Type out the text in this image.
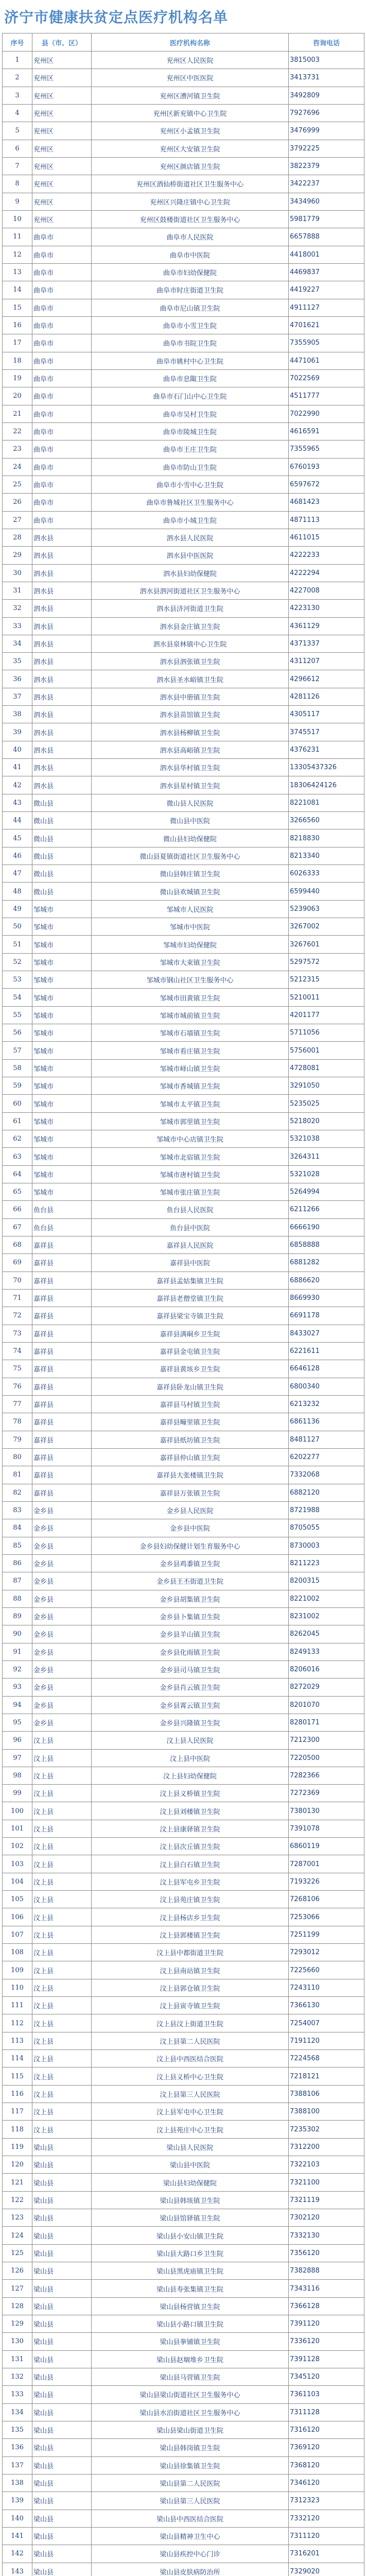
济宁市健康扶贫定点医疗机构名单
序号	县（市、区）	医疗机构名称	咨询电话
1	兖州区	兖州区人民医院	3815003
2	兖州区	兖州区中医医院	3413731
3	兖州区	兖州区漕河镇卫生院	3492809
4	兖州区	兖州区新兖镇中心卫生院	7927696
5	兖州区	兖州区小孟镇卫生院	3476999
6	兖州区	兖州区大安镇卫生院	3792225
7	兖州区	兖州区颜店镇卫生院	3822379
8	兖州区	兖州区酒仙桥街道社区卫生服务中心	3422237
9	兖州区	兖州区兴隆庄镇中心卫生院	3434960
10	兖州区	兖州区鼓楼街道社区卫生服务中心	5981779
11	曲阜市	曲阜市人民医院	6657888
12	曲阜市	曲阜市中医院	4418001
13	曲阜市	曲阜市妇幼保健院	4469837
14	曲阜市	曲阜市时庄街道卫生院	4419227
15	曲阜市	曲阜市尼山镇卫生院	4911127
16	曲阜市	曲阜市小雪卫生院	4701621
17	曲阜市	曲阜市书院卫生院	7355905
18	曲阜市	曲阜市姚村中心卫生院	4471061
19	曲阜市	曲阜市息陬卫生院	7022569
20	曲阜市	曲阜市石门山中心卫生院	4511777
21	曲阜市	曲阜市吴村卫生院	7022990
22	曲阜市	曲阜市陵城卫生院	4616591
23	曲阜市	曲阜市王庄卫生院	7355965
24	曲阜市	曲阜市防山卫生院	6760193
25	曲阜市	曲阜市小雪中心卫生院	6597672
26	曲阜市	曲阜市鲁城社区卫生服务中心	4681423
27	曲阜市	曲阜市小城卫生院	4871113
28	泗水县	泗水县人民医院	4611015
29	泗水县	泗水县中医医院	4222233
30	泗水县	泗水县妇幼保健院	4222294
31	泗水县	泗水县泗河街道社区卫生服务中心	4227008
32	泗水县	泗水县济河街道卫生院	4223130
33	泗水县	泗水县金庄镇卫生院	4361129
34	泗水县	泗水县泉林镇中心卫生院	4371337
35	泗水县	泗水县泗张镇卫生院	4311207
36	泗水县	泗水县圣水峪镇卫生院	4296612
37	泗水县	泗水县中册镇卫生院	4281126
38	泗水县	泗水县苗馆镇卫生院	4305117
39	泗水县	泗水县杨柳镇卫生院	3745517
40	泗水县	泗水县高峪镇卫生院	4376231
41	泗水县	泗水县华村镇卫生院	13305437326
42	泗水县	泗水县星村镇卫生院	18306424126
43	微山县	微山县人民医院	8221081
44	微山县	微山县中医院	3266560
45	微山县	微山县妇幼保健院	8218830
46	微山县	微山县夏镇街道社区卫生服务中心	8213340
47	微山县	微山县韩庄镇卫生院	6026333
48	微山县	微山县欢城镇卫生院	6599440
49	邹城市	邹城市人民医院	5239063
50	邹城市	邹城市中医院	3267002
51	邹城市	邹城市妇幼保健院	3267601
52	邹城市	邹城市大束镇卫生院	5297572
53	邹城市	邹城市钢山社区卫生服务中心	5212315
54	邹城市	邹城市田黄镇卫生院	5210011
55	邹城市	邹城市城前镇卫生院	4201177
56	邹城市	邹城市石墙镇卫生院	5711056
57	邹城市	邹城市看庄镇卫生院	5756001
58	邹城市	邹城市峄山镇卫生院	4728081
59	邹城市	邹城市香城镇卫生院	3291050
60	邹城市	邹城市太平镇卫生院	5235025
61	邹城市	邹城市郭里镇卫生院	5218020
62	邹城市	邹城市中心店镇卫生院	5321038
63	邹城市	邹城市北宿镇卫生院	3264311
64	邹城市	邹城市唐村镇卫生院	5321028
65	邹城市	邹城市张庄镇卫生院	5264994
66	鱼台县	鱼台县人民医院	6211266
67	鱼台县	鱼台县中医院	6666190
68	嘉祥县	嘉祥县人民医院	6858888
69	嘉祥县	嘉祥县中医院	6881282
70	嘉祥县	嘉祥县孟姑集镇卫生院	6886620
71	嘉祥县	嘉祥县老僧堂镇卫生院	8669930
72	嘉祥县	嘉祥县梁宝寺镇卫生院	6691178
73	嘉祥县	嘉祥县满硐乡卫生院	8433027
74	嘉祥县	嘉祥县金屯镇卫生院	6221611
75	嘉祥县	嘉祥县黄垓乡卫生院	6646128
76	嘉祥县	嘉祥县卧龙山镇卫生院	6800340
77	嘉祥县	嘉祥县马村镇卫生院	6213232
78	嘉祥县	嘉祥县疃里镇卫生院	6861136
79	嘉祥县	嘉祥县纸坊镇卫生院	8481127
80	嘉祥县	嘉祥县仲山镇卫生院	6202277
81	嘉祥县	嘉祥县大张楼镇卫生院	7332068
82	嘉祥县	嘉祥县万张镇卫生院	6882120
83	金乡县	金乡县人民医院	8721988
84	金乡县	金乡县中医院	8705055
85	金乡县	金乡县妇幼保健计划生育服务中心	8730003
86	金乡县	金乡县鸡黍镇卫生院	8211223
87	金乡县	金乡县王丕街道卫生院	8200315
88	金乡县	金乡县胡集镇卫生院	8221002
89	金乡县	金乡县卜集镇卫生院	8231002
90	金乡县	金乡县羊山镇卫生院	8262045
91	金乡县	金乡县化雨镇卫生院	8249133
92	金乡县	金乡县司马镇卫生院	8206016
93	金乡县	金乡县肖云镇卫生院	8272029
94	金乡县	金乡县霄云镇卫生院	8201070
95	金乡县	金乡县兴隆镇卫生院	8280171
96	汶上县	汶上县人民医院	7212300
97	汶上县	汶上县中医院	7220500
98	汶上县	汶上县妇幼保健院	7282366
99	汶上县	汶上县义桥镇卫生院	7272369
100	汶上县	汶上县刘楼镇卫生院	7380130
101	汶上县	汶上县康驿镇卫生院	7391078
102	汶上县	汶上县次丘镇卫生院	6860119
103	汶上县	汶上县白石镇卫生院	7287001
104	汶上县	汶上县军屯乡卫生院	7193226
105	汶上县	汶上县苑庄镇卫生院	7268106
106	汶上县	汶上县杨店乡卫生院	7253066
107	汶上县	汶上县郭楼镇卫生院	7251199
108	汶上县	汶上县中都街道卫生院	7293012
109	汶上县	汶上县南站镇卫生院	7225660
110	汶上县	汶上县郭仓镇卫生院	7243110
111	汶上县	汶上县寅寺镇卫生院	7366130
112	汶上县	汶上县汶上街道卫生院	7254007
113	汶上县	汶上县第二人民医院	7191120
114	汶上县	汶上县中西医结合医院	7224568
115	汶上县	汶上县义桥中心卫生院	7218121
116	汶上县	汶上县第三人民医院	7388106
117	汶上县	汶上县军屯中心卫生院	7388100
118	汶上县	汶上县苑庄中心卫生院	7235302
119	梁山县	梁山县人民医院	7312200
120	梁山县	梁山县中医院	7322103
121	梁山县	梁山县妇幼保健院	7321100
122	梁山县	梁山县韩垓镇卫生院	7321119
123	梁山县	梁山县馆驿镇卫生院	7302120
124	梁山县	梁山县小安山镇卫生院	7332130
125	梁山县	梁山县大路口乡卫生院	7356120
126	梁山县	梁山县黑虎庙镇卫生院	7382888
127	梁山县	梁山县寿张集镇卫生院	7343116
128	梁山县	梁山县杨营镇卫生院	7366128
129	梁山县	梁山县小路口镇卫生院	7391120
130	梁山县	梁山县拳铺镇卫生院	7336120
131	梁山县	梁山县赵堌堆乡卫生院	7391128
132	梁山县	梁山县马营镇卫生院	7345120
133	梁山县	梁山县梁山街道社区卫生服务中心	7361103
134	梁山县	梁山县水泊街道社区卫生服务中心	7311128
135	梁山县	梁山县梁山街道卫生院	7316120
136	梁山县	梁山县韩岗镇卫生院	7369120
137	梁山县	梁山县徐集镇卫生院	7368120
138	梁山县	梁山县第二人民医院	7346120
139	梁山县	梁山县第三人民医院	7312323
140	梁山县	梁山县中西医结合医院	7332120
141	梁山县	梁山县精神卫生中心	7311120
142	梁山县	梁山县疾控中心门诊	7316201
143	梁山县	梁山县皮肤病防治所	7329020
